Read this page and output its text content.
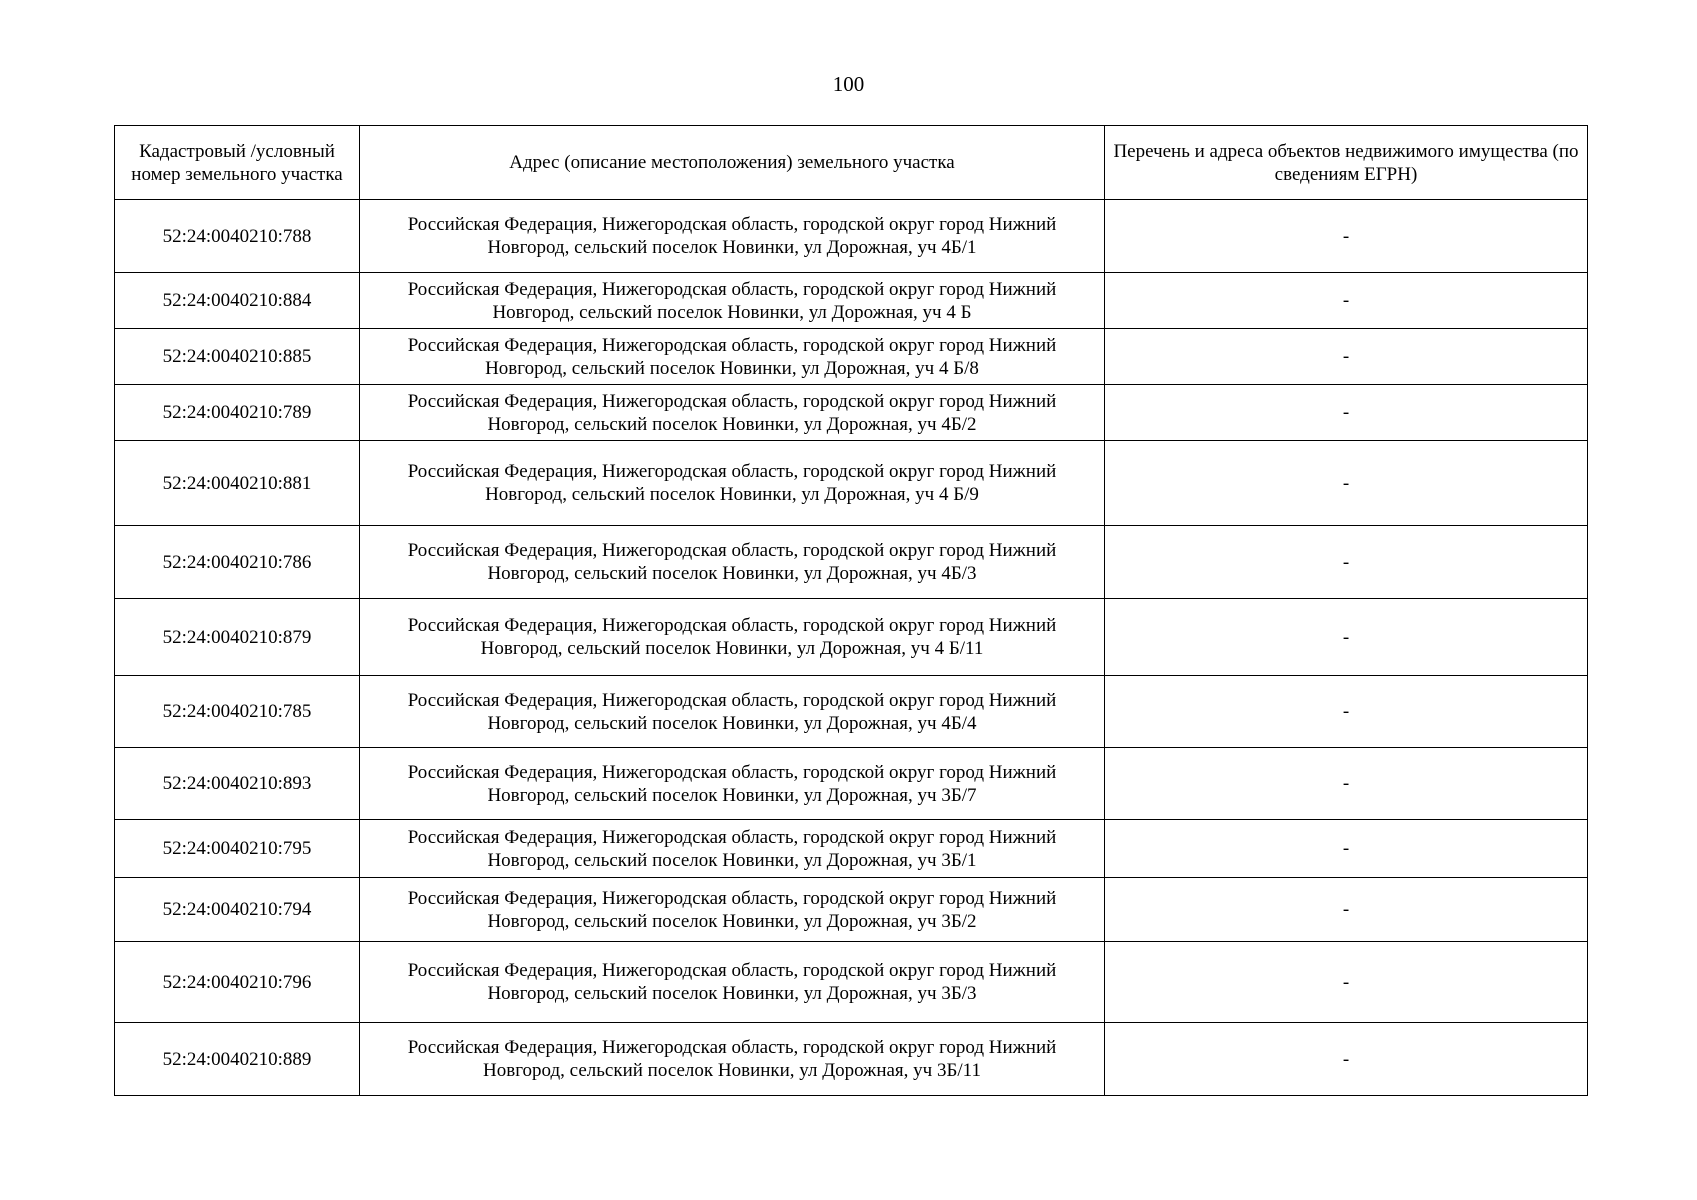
100
Кадастровый /условный номер земельного участка	Адрес (описание местоположения) земельного участка	Перечень и адреса объектов недвижимого имущества (по сведениям ЕГРН)
52:24:0040210:788	Российская Федерация, Нижегородская область, городской округ город Нижний
Новгород, сельский поселок Новинки, ул Дорожная, уч 4Б/1	-
52:24:0040210:884	Российская Федерация, Нижегородская область, городской округ город Нижний
Новгород, сельский поселок Новинки, ул Дорожная, уч 4 Б	-
52:24:0040210:885	Российская Федерация, Нижегородская область, городской округ город Нижний
Новгород, сельский поселок Новинки, ул Дорожная, уч 4 Б/8	-
52:24:0040210:789	Российская Федерация, Нижегородская область, городской округ город Нижний
Новгород, сельский поселок Новинки, ул Дорожная, уч 4Б/2	-
52:24:0040210:881	Российская Федерация, Нижегородская область, городской округ город Нижний
Новгород, сельский поселок Новинки, ул Дорожная, уч 4 Б/9	-
52:24:0040210:786	Российская Федерация, Нижегородская область, городской округ город Нижний
Новгород, сельский поселок Новинки, ул Дорожная, уч 4Б/3	-
52:24:0040210:879	Российская Федерация, Нижегородская область, городской округ город Нижний
Новгород, сельский поселок Новинки, ул Дорожная, уч 4 Б/11	-
52:24:0040210:785	Российская Федерация, Нижегородская область, городской округ город Нижний
Новгород, сельский поселок Новинки, ул Дорожная, уч 4Б/4	-
52:24:0040210:893	Российская Федерация, Нижегородская область, городской округ город Нижний
Новгород, сельский поселок Новинки, ул Дорожная, уч 3Б/7	-
52:24:0040210:795	Российская Федерация, Нижегородская область, городской округ город Нижний
Новгород, сельский поселок Новинки, ул Дорожная, уч 3Б/1	-
52:24:0040210:794	Российская Федерация, Нижегородская область, городской округ город Нижний
Новгород, сельский поселок Новинки, ул Дорожная, уч 3Б/2	-
52:24:0040210:796	Российская Федерация, Нижегородская область, городской округ город Нижний
Новгород, сельский поселок Новинки, ул Дорожная, уч 3Б/3	-
52:24:0040210:889	Российская Федерация, Нижегородская область, городской округ город Нижний
Новгород, сельский поселок Новинки, ул Дорожная, уч 3Б/11	-
